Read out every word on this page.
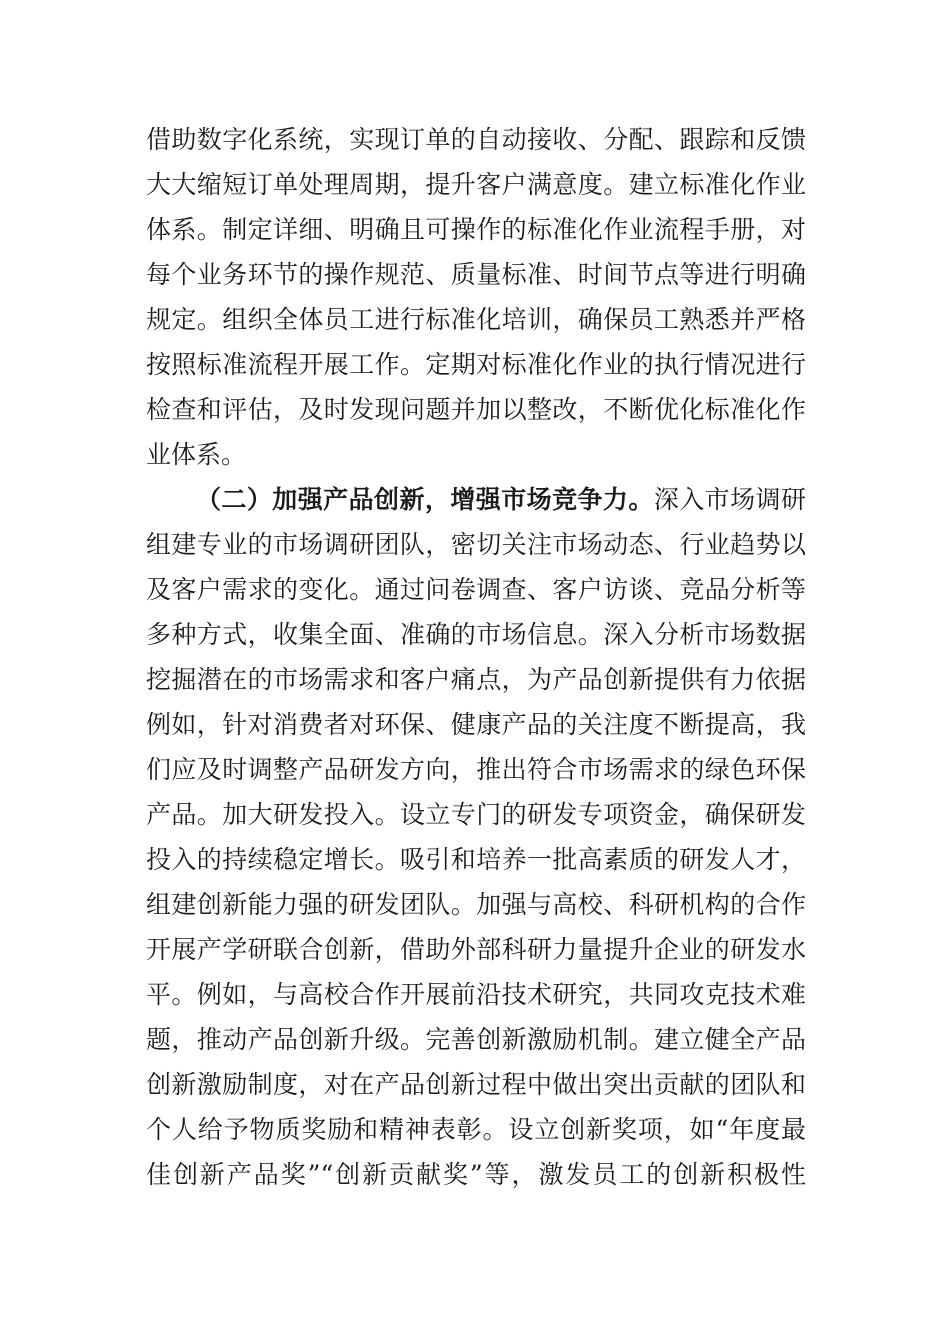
借助数字化系统，实现订单的自动接收、分配、跟踪和反馈
大大缩短订单处理周期，提升客户满意度。建立标准化作业
体系。制定详细、明确且可操作的标准化作业流程手册，对
每个业务环节的操作规范、质量标准、时间节点等进行明确
规定。组织全体员工进行标准化培训，确保员工熟悉并严格
按照标准流程开展工作。定期对标准化作业的执行情况进行
检查和评估，及时发现问题并加以整改，不断优化标准化作
业体系。
（二）加强产品创新，增强市场竞争力。深入市场调研
组建专业的市场调研团队，密切关注市场动态、行业趋势以
及客户需求的变化。通过问卷调查、客户访谈、竞品分析等
多种方式，收集全面、准确的市场信息。深入分析市场数据
挖掘潜在的市场需求和客户痛点，为产品创新提供有力依据
例如，针对消费者对环保、健康产品的关注度不断提高，我
们应及时调整产品研发方向，推出符合市场需求的绿色环保
产品。加大研发投入。设立专门的研发专项资金，确保研发
投入的持续稳定增长。吸引和培养一批高素质的研发人才，
组建创新能力强的研发团队。加强与高校、科研机构的合作
开展产学研联合创新，借助外部科研力量提升企业的研发水
平。例如，与高校合作开展前沿技术研究，共同攻克技术难
题，推动产品创新升级。完善创新激励机制。建立健全产品
创新激励制度，对在产品创新过程中做出突出贡献的团队和
个人给予物质奖励和精神表彰。设立创新奖项，如“年度最
佳创新产品奖”“创新贡献奖”等，激发员工的创新积极性
